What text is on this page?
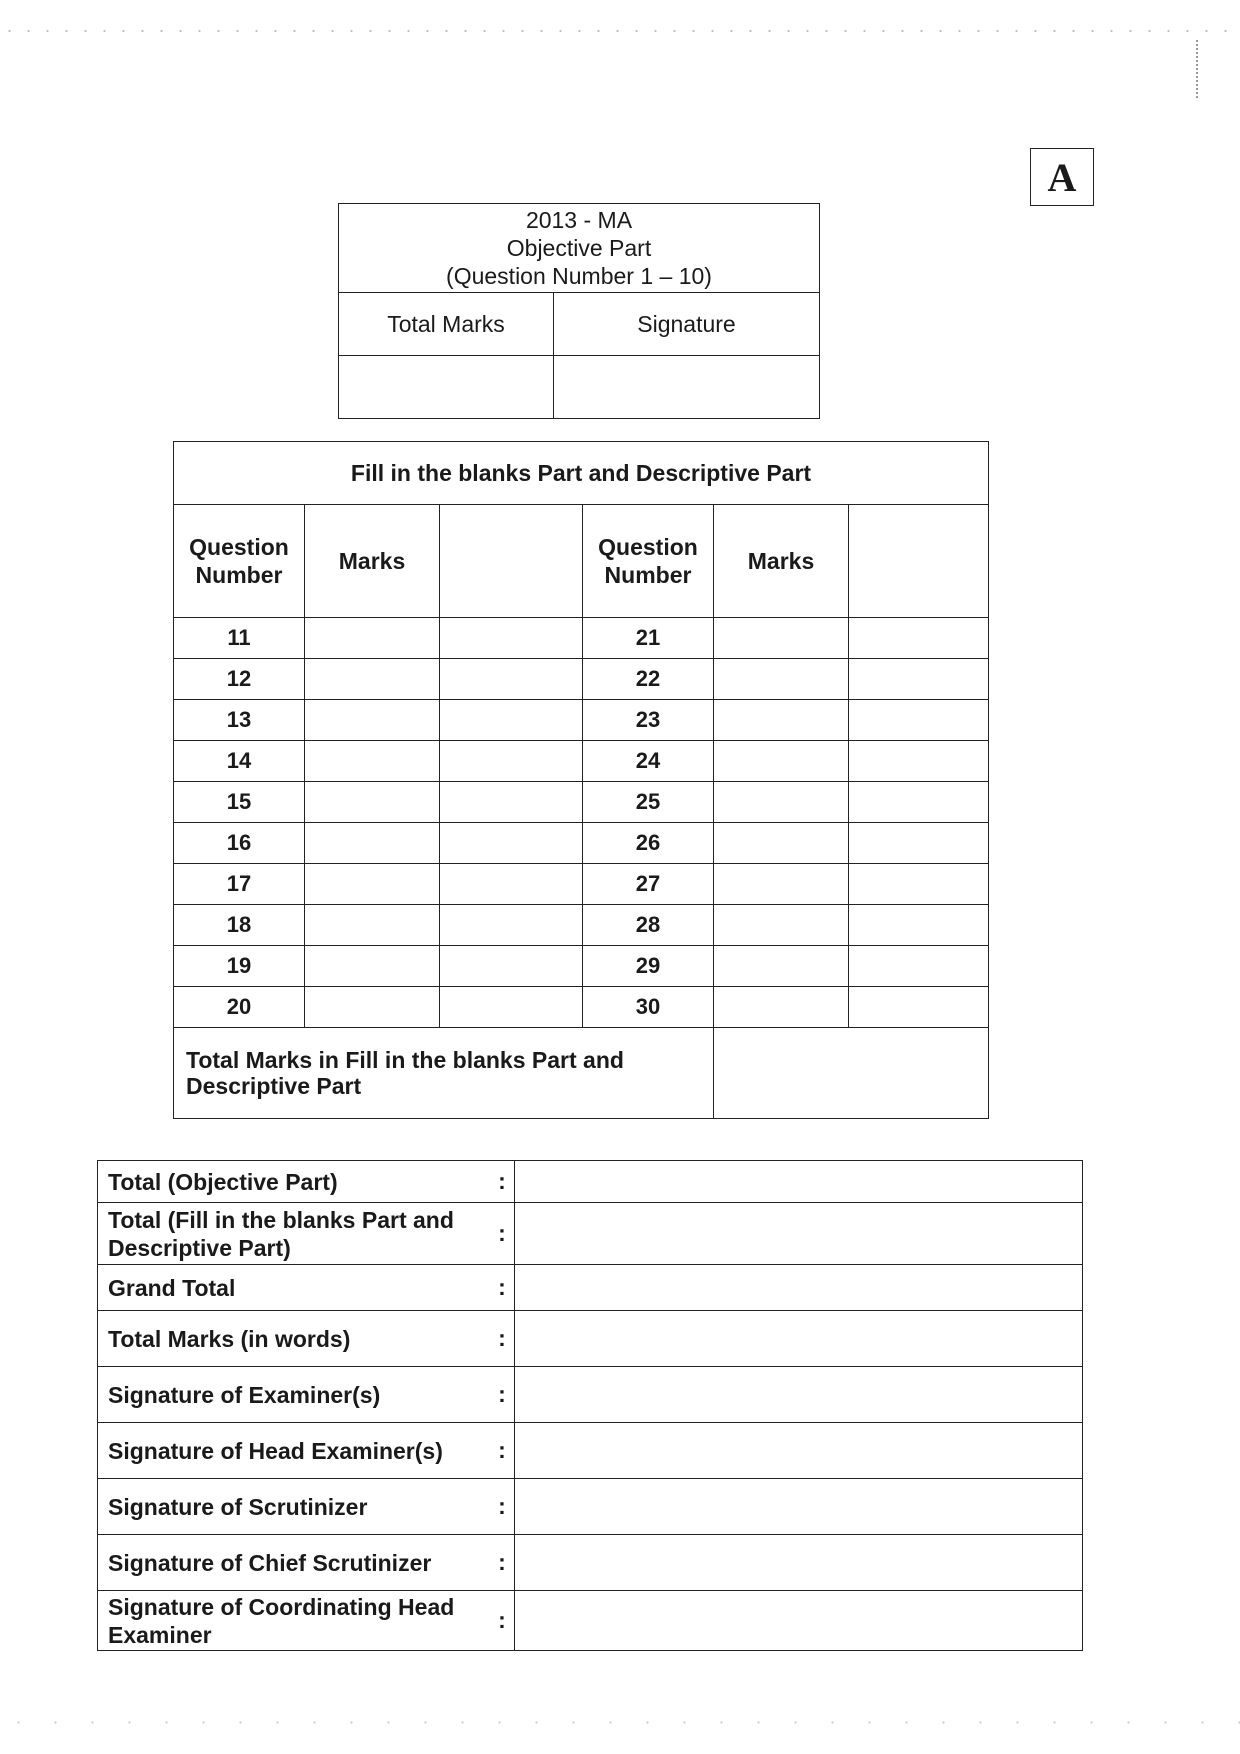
A
2013 - MA
Objective Part
(Question Number 1 – 10)	

Total Marks	Signature

Fill in the blanks Part and Descriptive Part					
Question Number	Marks		Question Number	Marks	
11			21		
12			22		
13			23		
14			24		
15			25		
16			26		
17			27		
18			28		
19			29		
20			30		
Total Marks in Fill in the blanks Part and Descriptive Part					
Total (Objective Part)	:	
Total (Fill in the blanks Part and Descriptive Part)	:	
Grand Total	:	
Total Marks (in words)	:	
Signature of Examiner(s)	:	
Signature of Head Examiner(s)	:	
Signature of Scrutinizer	:	
Signature of Chief Scrutinizer	:	
Signature of Coordinating Head Examiner	:	
